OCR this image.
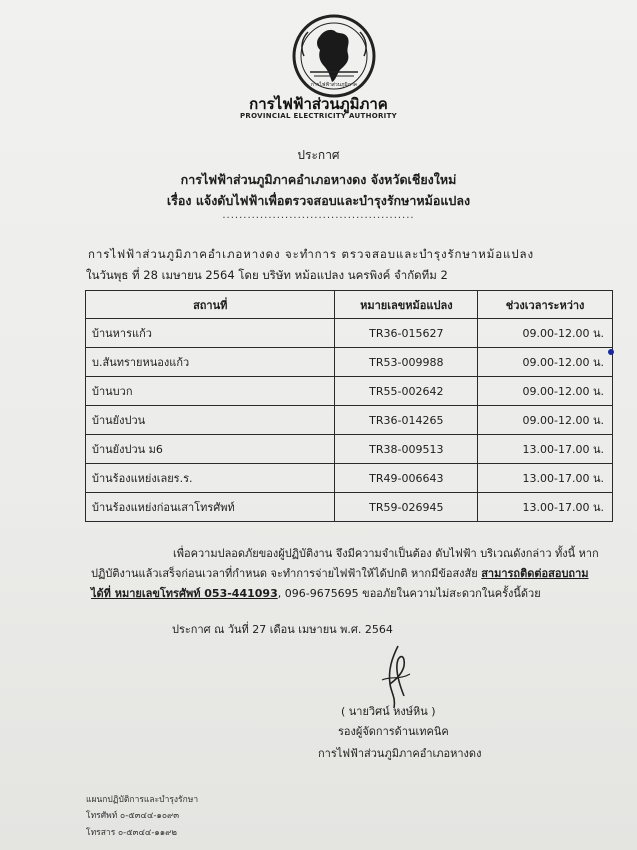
การไฟฟ้าส่วนภูมิภาค
การไฟฟ้าส่วนภูมิภาค
PROVINCIAL ELECTRICITY AUTHORITY
ประกาศ
การไฟฟ้าส่วนภูมิภาคอำเภอหางดง จังหวัดเชียงใหม่
เรื่อง แจ้งดับไฟฟ้าเพื่อตรวจสอบและบำรุงรักษาหม้อแปลง
..............................................
การไฟฟ้าส่วนภูมิภาคอำเภอหางดง จะทำการ ตรวจสอบและบำรุงรักษาหม้อแปลง
ในวันพุธ ที่ 28 เมษายน 2564 โดย บริษัท หม้อแปลง นครพิงค์ จำกัดทีม 2
สถานที่	หมายเลขหม้อแปลง	ช่วงเวลาระหว่าง
บ้านหารแก้ว	TR36-015627	09.00-12.00 น.
บ.สันทรายหนองแก้ว	TR53-009988	09.00-12.00 น.
บ้านบวก	TR55-002642	09.00-12.00 น.
บ้านยังปวน	TR36-014265	09.00-12.00 น.
บ้านยังปวน ม6	TR38-009513	13.00-17.00 น.
บ้านร้องแหย่งเลยร.ร.	TR49-006643	13.00-17.00 น.
บ้านร้องแหย่งก่อนเสาโทรศัพท์	TR59-026945	13.00-17.00 น.
เพื่อความปลอดภัยของผู้ปฏิบัติงาน จึงมีความจำเป็นต้อง ดับไฟฟ้า บริเวณดังกล่าว ทั้งนี้ หาก
ปฏิบัติงานแล้วเสร็จก่อนเวลาที่กำหนด จะทำการจ่ายไฟฟ้าให้ได้ปกติ หากมีข้อสงสัย สามารถติดต่อสอบถาม
ได้ที่ หมายเลขโทรศัพท์ 053-441093, 096-9675695 ขออภัยในความไม่สะดวกในครั้งนี้ด้วย
ประกาศ ณ วันที่ 27 เดือน เมษายน พ.ศ. 2564
( นายวิศน์ หงษ์หิน )
รองผู้จัดการด้านเทคนิค
การไฟฟ้าส่วนภูมิภาคอำเภอหางดง
แผนกปฏิบัติการและบำรุงรักษา
โทรศัพท์ ๐-๕๓๔๔-๑๐๙๓
โทรสาร ๐-๕๓๔๔-๑๑๙๒
